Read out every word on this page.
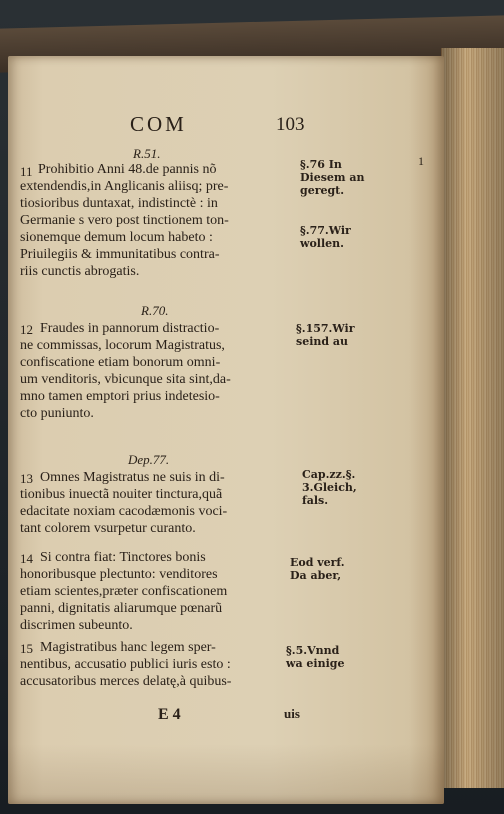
COM	103
1
R.51.
11 Prohibitio Anni 48.de pannis nõ
extendendis,in Anglicanis aliisq; pre-
tiosioribus duntaxat, indistinctè : in
Germanie s vero post tinctionem ton-
sionemque demum locum habeto :
Priuilegiis & immunitatibus contra-
riis cunctis abrogatis.
§.76 In
Diesem an
geregt.
§.77.Wir
wollen.
R.70.
12 Fraudes in pannorum distractio-
ne commissas, locorum Magistratus,
confiscatione etiam bonorum omni-
um venditoris, vbicunque sita sint,da-
mno tamen emptori prius indetesio-
cto puniunto.
§.157.Wir
seind au
Dep.77.
13 Omnes Magistratus ne suis in di-
tionibus inuectã nouiter tinctura,quã
edacitate noxiam cacodæmonis voci-
tant colorem vsurpetur curanto.
Cap.zz.§.
3.Gleich,
fals.
14 Si contra fiat: Tinctores bonis
honoribusque plectunto: venditores
etiam scientes,præter confiscationem
panni, dignitatis aliarumque pœnarũ
discrimen subeunto.
Eod verf.
Da aber,
15 Magistratibus hanc legem sper-
nentibus, accusatio publici iuris esto :
accusatoribus merces delatę,à quibus-
§.5.Vnnd
wa einige
E 4	uis
